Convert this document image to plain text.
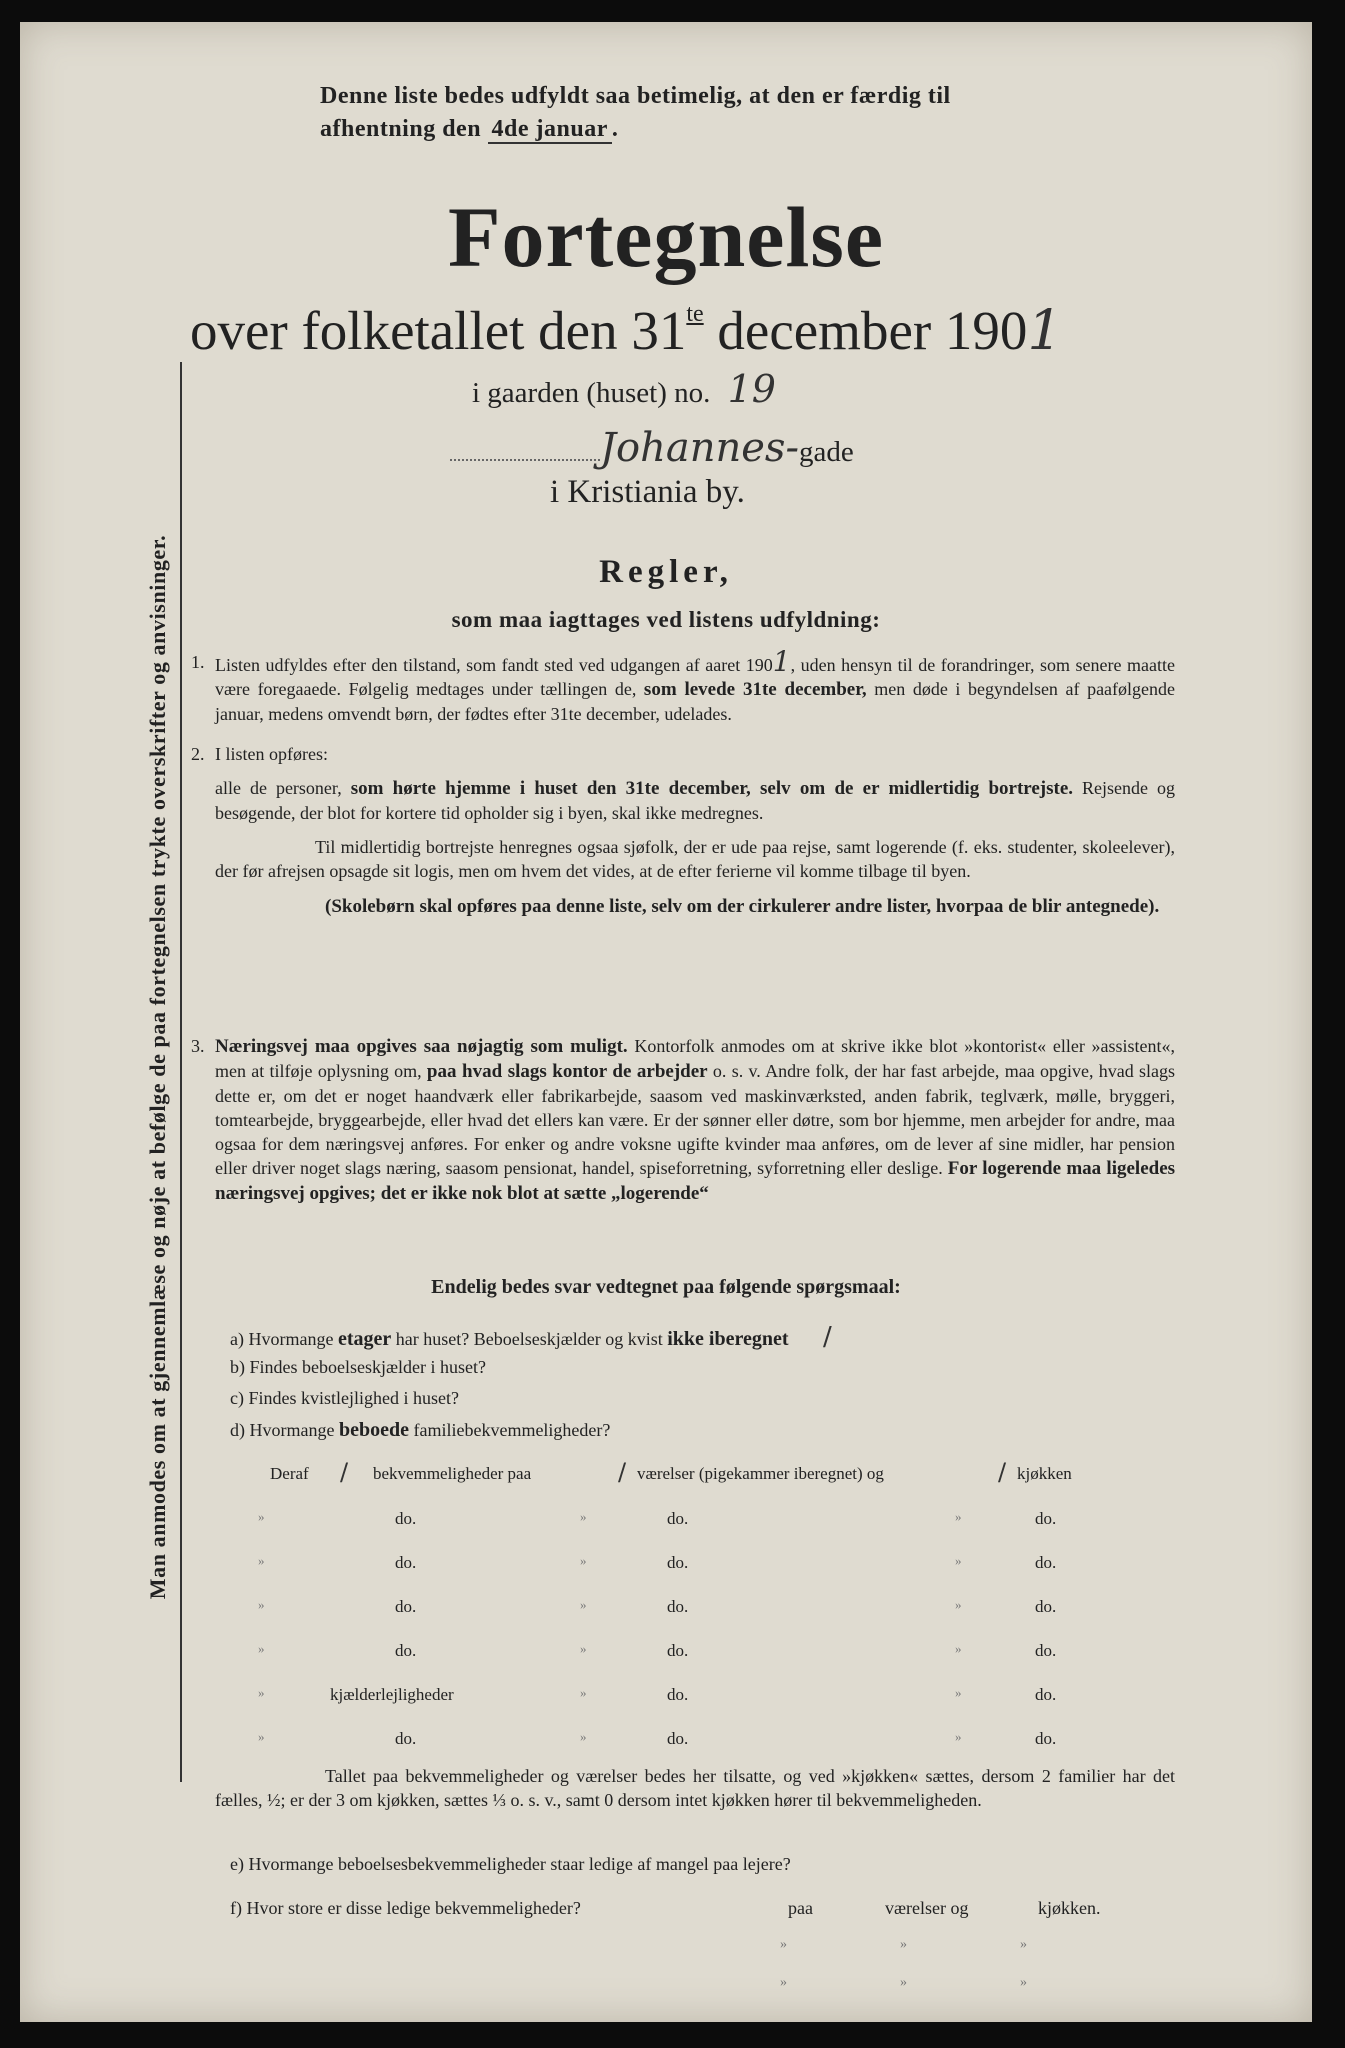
Denne liste bedes udfyldt saa betimelig, at den er færdig til
afhentning den 4de januar .
Fortegnelse
over folketallet den $31^{te}$ december 1901
i gaarden (huset) no. 19
Johannes-gade
i Kristiania by.
Regler,
som maa iagttages ved listens udfyldning:
1. Listen udfyldes efter den tilstand, som fandt sted ved udgangen af aaret 1901, uden hensyn til de forandringer, som senere maatte være foregaaede. Følgelig medtages under tællingen de, som levede 31te december, men døde i begyndelsen af paafølgende januar, medens omvendt børn, der fødtes efter 31te december, udelades.
2. I listen opføres:
alle de personer, som hørte hjemme i huset den 31te december, selv om de er midlertidig bortrejste. Rejsende og besøgende, der blot for kortere tid opholder sig i byen, skal ikke medregnes.
Til midlertidig bortrejste henregnes ogsaa sjøfolk, der er ude paa rejse, samt logerende (f. eks. studenter, skoleelever), der før afrejsen opsagde sit logis, men om hvem det vides, at de efter ferierne vil komme tilbage til byen.
(Skolebørn skal opføres paa denne liste, selv om der cirkulerer andre lister, hvorpaa de blir antegnede).
3. Næringsvej maa opgives saa nøjagtig som muligt. Kontorfolk anmodes om at skrive ikke blot »kontorist« eller »assistent«, men at tilføje oplysning om, paa hvad slags kontor de arbejder o. s. v. Andre folk, der har fast arbejde, maa opgive, hvad slags dette er, om det er noget haandværk eller fabrikarbejde, saasom ved maskinværksted, anden fabrik, teglværk, mølle, bryggeri, tomtearbejde, bryggearbejde, eller hvad det ellers kan være. Er der sønner eller døtre, som bor hjemme, men arbejder for andre, maa ogsaa for dem næringsvej anføres. For enker og andre voksne ugifte kvinder maa anføres, om de lever af sine midler, har pension eller driver noget slags næring, saasom pensionat, handel, spiseforretning, syforretning eller deslige. For logerende maa ligeledes næringsvej opgives; det er ikke nok blot at sætte „logerende“
Endelig bedes svar vedtegnet paa følgende spørgsmaal:
a) Hvormange etager har huset? Beboelseskjælder og kvist ikke iberegnet /
b) Findes beboelseskjælder i huset?
c) Findes kvistlejlighed i huset?
d) Hvormange beboede familiebekvemmeligheder?
Deraf / bekvemmeligheder paa	/ værelser (pigekammer iberegnet) og	/ kjøkken
»	do.	»	do.	»	do.
»	do.	»	do.	»	do.
»	do.	»	do.	»	do.
»	do.	»	do.	»	do.
»	kjælderlejligheder	»	do.	»	do.
»	do.	»	do.	»	do.
Tallet paa bekvemmeligheder og værelser bedes her tilsatte, og ved »kjøkken« sættes, dersom 2 familier har det fælles, ½; er der 3 om kjøkken, sættes ⅓ o. s. v., samt 0 dersom intet kjøkken hører til bekvemmeligheden.
e) Hvormange beboelsesbekvemmeligheder staar ledige af mangel paa lejere?
f) Hvor store er disse ledige bekvemmeligheder?	paa	værelser og	kjøkken.
»	»	»
»	»	»
Man anmodes om at gjennemlæse og nøje at befølge de paa fortegnelsen trykte overskrifter og anvisninger.
